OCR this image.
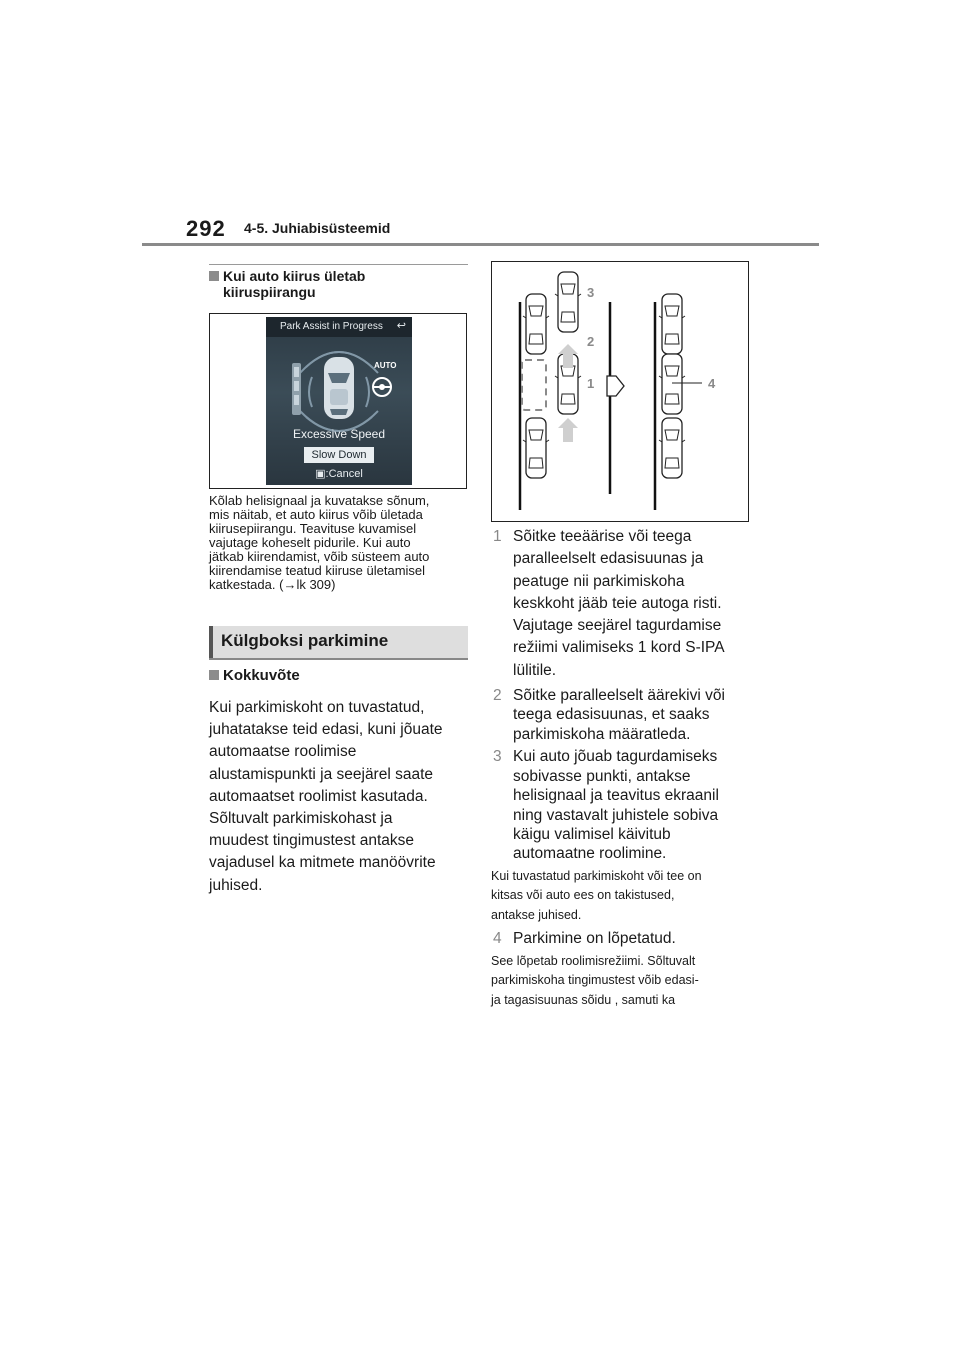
292 4-5. Juhiabisüsteemid
Kui auto kiirus ületab
kiiruspiirangu
Park Assist in Progress	↩
AUTO
Excessive Speed
Slow Down
▣:Cancel
Kõlab helisignaal ja kuvatakse sõnum,
mis näitab, et auto kiirus võib ületada
kiirusepiirangu. Teavituse kuvamisel
vajutage koheselt pidurile. Kui auto
jätkab kiirendamist, võib süsteem auto
kiirendamise teatud kiiruse ületamisel
katkestada. (→lk 309)
Külgboksi parkimine
Kokkuvõte
Kui parkimiskoht on tuvastatud,
juhatatakse teid edasi, kuni jõuate
automaatse roolimise
alustamispunkti ja seejärel saate
automaatset roolimist kasutada.
Sõltuvalt parkimiskohast ja
muudest tingimustest antakse
vajadusel ka mitmete manöövrite
juhised.
3
2
1	4
1 Sõitke teeäärise või teega
paralleelselt edasisuunas ja
peatuge nii parkimiskoha
keskkoht jääb teie autoga risti.
Vajutage seejärel tagurdamise
režiimi valimiseks 1 kord S-IPA
lülitile.
2 Sõitke paralleelselt äärekivi või
teega edasisuunas, et saaks
parkimiskoha määratleda.
3 Kui auto jõuab tagurdamiseks
sobivasse punkti, antakse
helisignaal ja teavitus ekraanil
ning vastavalt juhistele sobiva
käigu valimisel käivitub
automaatne roolimine.
Kui tuvastatud parkimiskoht või tee on
kitsas või auto ees on takistused,
antakse juhised.
4 Parkimine on lõpetatud.
See lõpetab roolimisrežiimi. Sõltuvalt
parkimiskoha tingimustest võib edasi-
ja tagasisuunas sõidu , samuti ka
